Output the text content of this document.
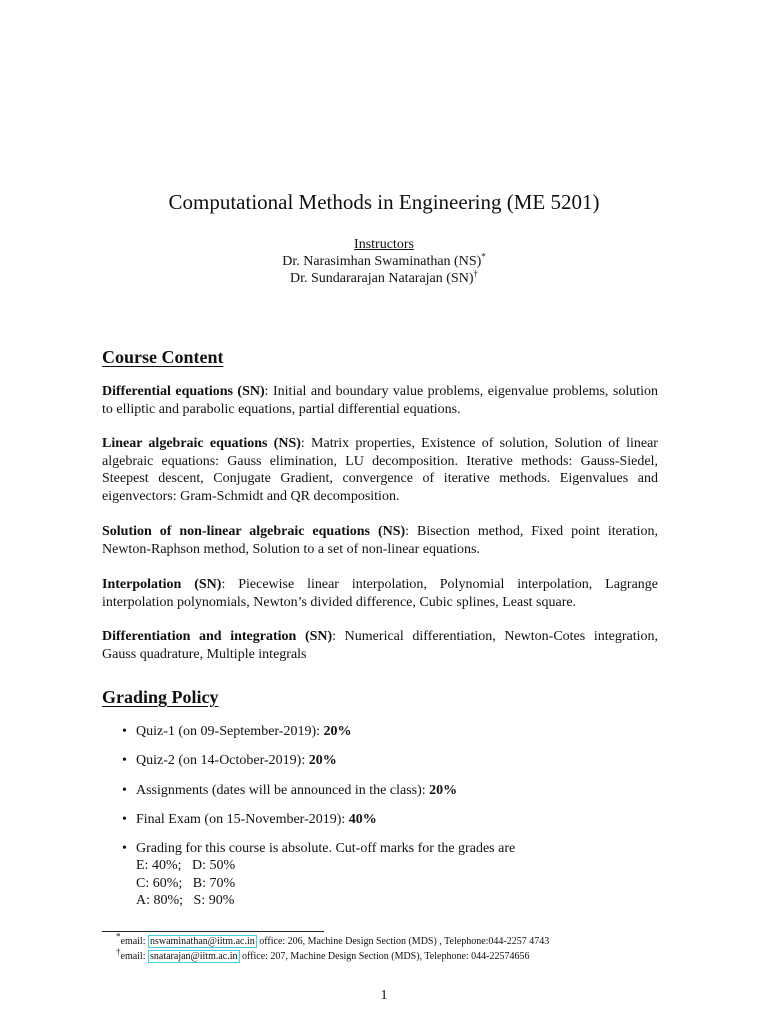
Computational Methods in Engineering (ME 5201)
Instructors
Dr. Narasimhan Swaminathan (NS)*
Dr. Sundararajan Natarajan (SN)†
Course Content
Differential equations (SN): Initial and boundary value problems, eigenvalue problems, solution to elliptic and parabolic equations, partial differential equations.
Linear algebraic equations (NS): Matrix properties, Existence of solution, Solution of linear algebraic equations: Gauss elimination, LU decomposition. Iterative methods: Gauss-Siedel, Steepest descent, Conjugate Gradient, convergence of iterative methods. Eigenvalues and eigenvectors: Gram-Schmidt and QR decomposition.
Solution of non-linear algebraic equations (NS): Bisection method, Fixed point iteration, Newton-Raphson method, Solution to a set of non-linear equations.
Interpolation (SN): Piecewise linear interpolation, Polynomial interpolation, Lagrange interpolation polynomials, Newton’s divided difference, Cubic splines, Least square.
Differentiation and integration (SN): Numerical differentiation, Newton-Cotes integration, Gauss quadrature, Multiple integrals
Grading Policy
• Quiz-1 (on 09-September-2019): 20%
• Quiz-2 (on 14-October-2019): 20%
• Assignments (dates will be announced in the class): 20%
• Final Exam (on 15-November-2019): 40%
• Grading for this course is absolute. Cut-off marks for the grades are
E: 40%;   D: 50%
C: 60%;   B: 70%
A: 80%;   S: 90%
*email: nswaminathan@iitm.ac.in office: 206, Machine Design Section (MDS) , Telephone:044-2257 4743
†email: snatarajan@iitm.ac.in office: 207, Machine Design Section (MDS), Telephone: 044-22574656
1
